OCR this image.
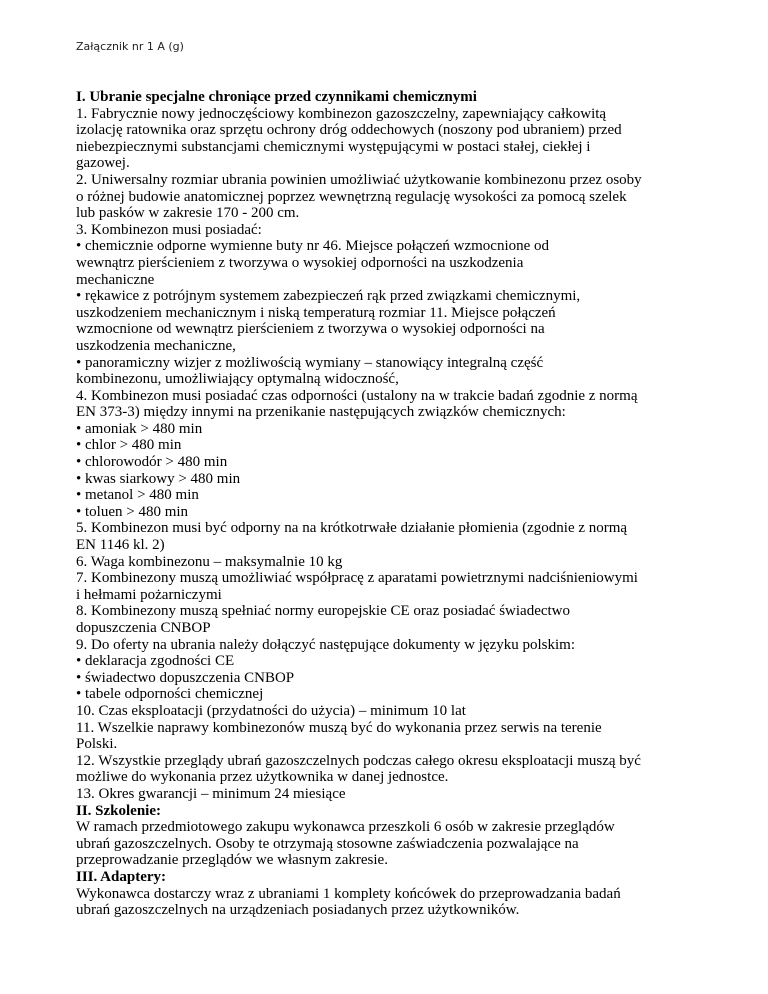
Załącznik nr 1 A (g)
I. Ubranie specjalne chroniące przed czynnikami chemicznymi
1. Fabrycznie nowy jednoczęściowy kombinezon gazoszczelny, zapewniający całkowitą
izolację ratownika oraz sprzętu ochrony dróg oddechowych (noszony pod ubraniem) przed
niebezpiecznymi substancjami chemicznymi występującymi w postaci stałej, ciekłej i
gazowej.
2. Uniwersalny rozmiar ubrania powinien umożliwiać użytkowanie kombinezonu przez osoby
o różnej budowie anatomicznej poprzez wewnętrzną regulację wysokości za pomocą szelek
lub pasków w zakresie 170 - 200 cm.
3. Kombinezon musi posiadać:
• chemicznie odporne wymienne buty nr 46. Miejsce połączeń wzmocnione od
wewnątrz pierścieniem z tworzywa o wysokiej odporności na uszkodzenia
mechaniczne
• rękawice z potrójnym systemem zabezpieczeń rąk przed związkami chemicznymi,
uszkodzeniem mechanicznym i niską temperaturą rozmiar 11. Miejsce połączeń
wzmocnione od wewnątrz pierścieniem z tworzywa o wysokiej odporności na
uszkodzenia mechaniczne,
• panoramiczny wizjer z możliwością wymiany – stanowiący integralną część
kombinezonu, umożliwiający optymalną widoczność,
4. Kombinezon musi posiadać czas odporności (ustalony na w trakcie badań zgodnie z normą
EN 373-3) między innymi na przenikanie następujących związków chemicznych:
• amoniak > 480 min
• chlor > 480 min
• chlorowodór > 480 min
• kwas siarkowy > 480 min
• metanol > 480 min
• toluen > 480 min
5. Kombinezon musi być odporny na na krótkotrwałe działanie płomienia (zgodnie z normą
EN 1146 kl. 2)
6. Waga kombinezonu – maksymalnie 10 kg
7. Kombinezony muszą umożliwiać współpracę z aparatami powietrznymi nadciśnieniowymi
i hełmami pożarniczymi
8. Kombinezony muszą spełniać normy europejskie CE oraz posiadać świadectwo
dopuszczenia CNBOP
9. Do oferty na ubrania należy dołączyć następujące dokumenty w języku polskim:
• deklaracja zgodności CE
• świadectwo dopuszczenia CNBOP
• tabele odporności chemicznej
10. Czas eksploatacji (przydatności do użycia) – minimum 10 lat
11. Wszelkie naprawy kombinezonów muszą być do wykonania przez serwis na terenie
Polski.
12. Wszystkie przeglądy ubrań gazoszczelnych podczas całego okresu eksploatacji muszą być
możliwe do wykonania przez użytkownika w danej jednostce.
13. Okres gwarancji – minimum 24 miesiące
II. Szkolenie:
W ramach przedmiotowego zakupu wykonawca przeszkoli 6 osób w zakresie przeglądów
ubrań gazoszczelnych. Osoby te otrzymają stosowne zaświadczenia pozwalające na
przeprowadzanie przeglądów we własnym zakresie.
III. Adaptery:
Wykonawca dostarczy wraz z ubraniami 1 komplety końcówek do przeprowadzania badań
ubrań gazoszczelnych na urządzeniach posiadanych przez użytkowników.
